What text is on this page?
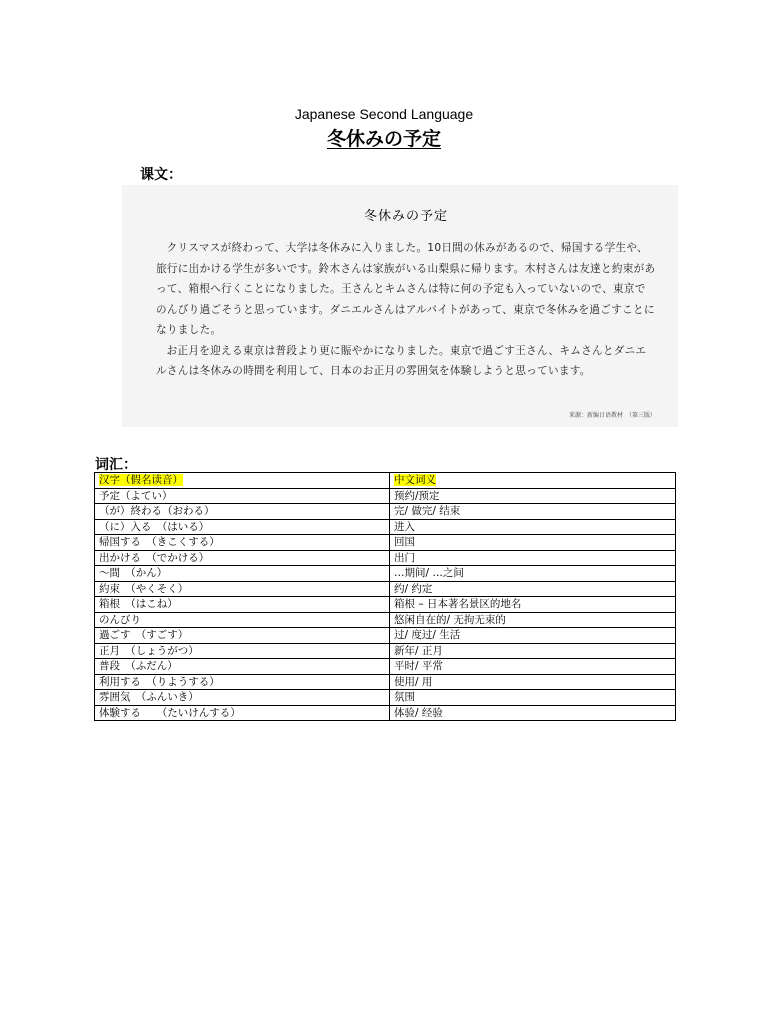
Japanese Second Language
冬休みの予定
课文：
冬休みの予定

クリスマスが終わって、大学は冬休みに入りました。10日間の休みがあるので、帰国する学生や、旅行に出かける学生が多いです。鈴木さんは家族がいる山梨県に帰ります。木村さんは友達と約束があって、箱根へ行くことになりました。王さんとキムさんは特に何の予定も入っていないので、東京でのんびり過ごそうと思っています。ダニエルさんはアルバイトがあって、東京で冬休みを過ごすことになりました。

お正月を迎える東京は普段より更に賑やかになりました。東京で過ごす王さん、キムさんとダニエルさんは冬休みの時間を利用して、日本のお正月の雰囲気を体験しようと思っています。

来源：新编日语教材　（第三版）
词汇：
汉字（假名读音）	中文词义
予定（よてい）	预约/预定
（が）終わる（おわる）	完/ 做完/ 结束
（に）入る　（はいる）	进入
帰国する　（きこくする）	回国
出かける　（でかける）	出门
～間　（かん）	…期间/ …之间
約束　（やくそく）	约/ 约定
箱根　（はこね）	箱根 – 日本著名景区的地名
のんびり	悠闲自在的/ 无拘无束的
過ごす　（すごす）	过/ 度过/ 生活
正月　（しょうがつ）	新年/ 正月
普段　（ふだん）	平时/ 平常
利用する　（りようする）	使用/ 用
雰囲気　（ふんいき）	氛围
体験する　　（たいけんする）	体验/ 经验
